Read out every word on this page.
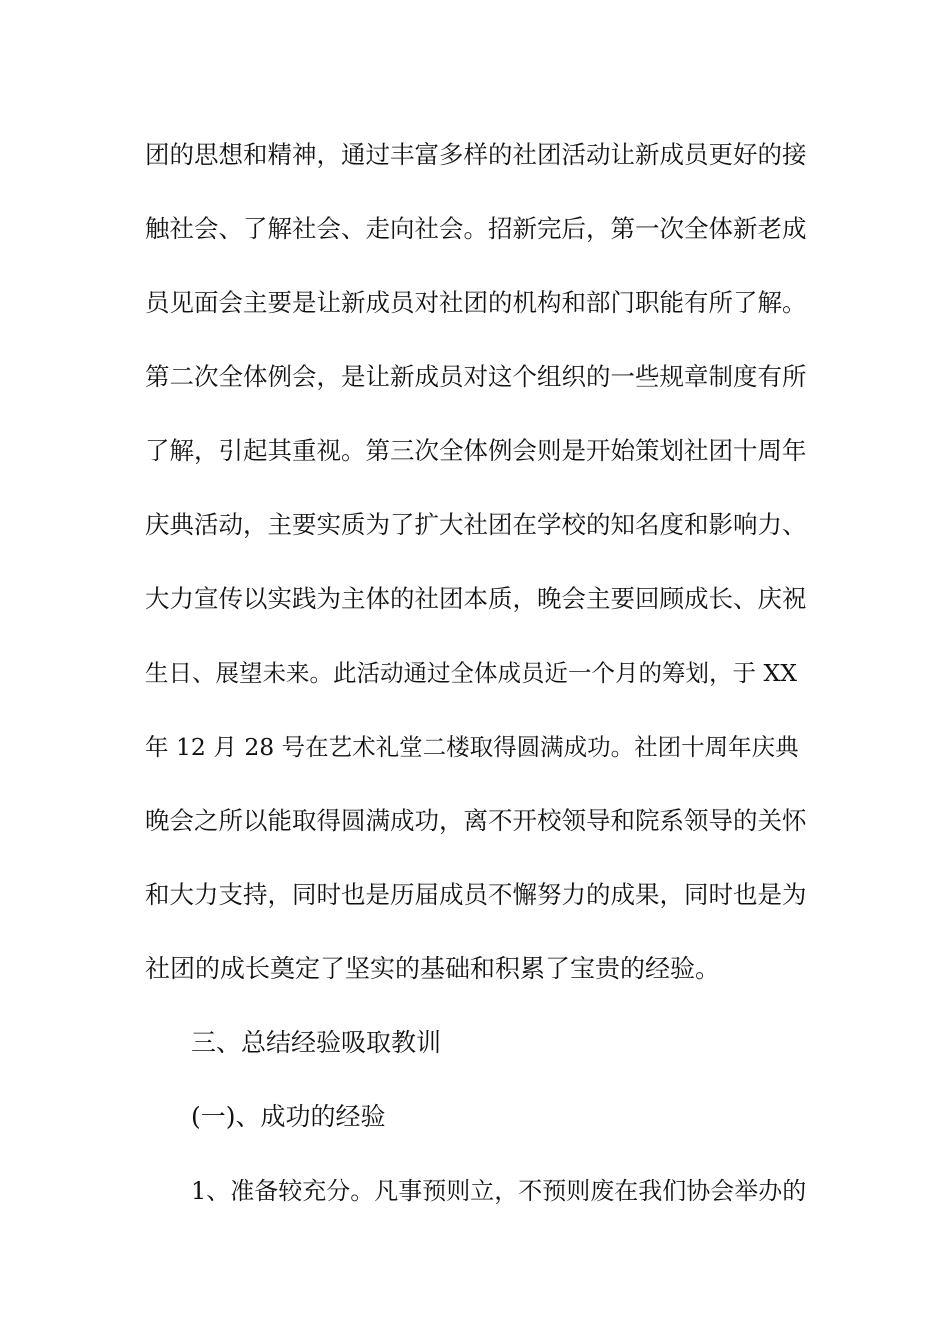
团的思想和精神，通过丰富多样的社团活动让新成员更好的接
触社会、了解社会、走向社会。招新完后，第一次全体新老成
员见面会主要是让新成员对社团的机构和部门职能有所了解。
第二次全体例会，是让新成员对这个组织的一些规章制度有所
了解，引起其重视。第三次全体例会则是开始策划社团十周年
庆典活动，主要实质为了扩大社团在学校的知名度和影响力、
大力宣传以实践为主体的社团本质，晚会主要回顾成长、庆祝
生日、展望未来。此活动通过全体成员近一个月的筹划，于 XX
年 12 月 28 号在艺术礼堂二楼取得圆满成功。社团十周年庆典
晚会之所以能取得圆满成功，离不开校领导和院系领导的关怀
和大力支持，同时也是历届成员不懈努力的成果，同时也是为
社团的成长奠定了坚实的基础和积累了宝贵的经验。
三、总结经验吸取教训
(一)、成功的经验
1、准备较充分。凡事预则立，不预则废在我们协会举办的
